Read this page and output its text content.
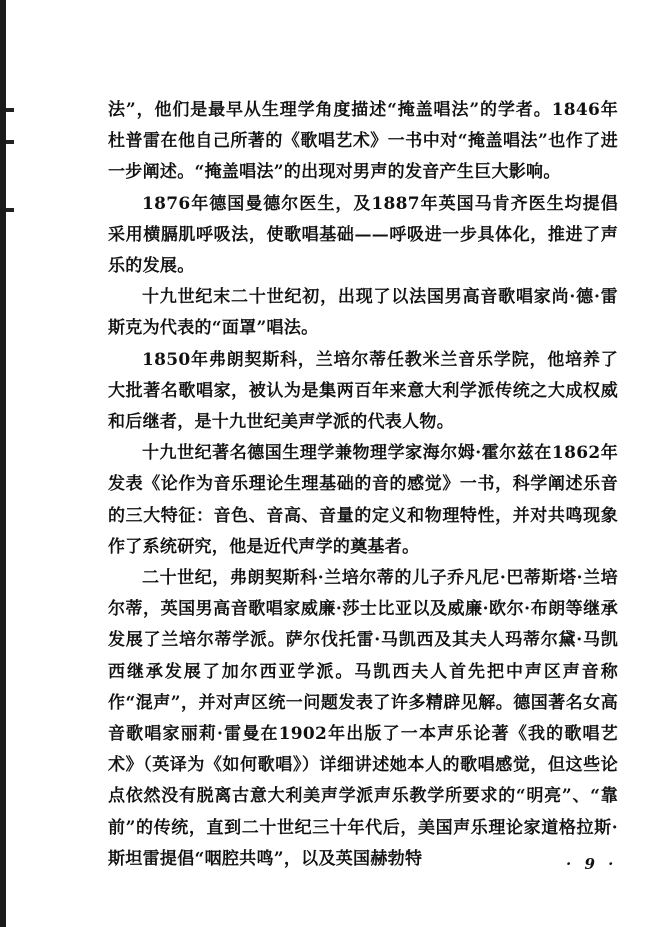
法”，他们是最早从生理学角度描述“掩盖唱法”的学者。1846年杜普雷在他自己所著的《歌唱艺术》一书中对“掩盖唱法”也作了进一步阐述。“掩盖唱法”的出现对男声的发音产生巨大影响。

1876年德国曼德尔医生，及1887年英国马肯齐医生均提倡采用横膈肌呼吸法，使歌唱基础——呼吸进一步具体化，推进了声乐的发展。

十九世纪末二十世纪初，出现了以法国男高音歌唱家尚·德·雷斯克为代表的“面罩”唱法。

1850年弗朗契斯科，兰培尔蒂任教米兰音乐学院，他培养了大批著名歌唱家，被认为是集两百年来意大利学派传统之大成权威和后继者，是十九世纪美声学派的代表人物。

十九世纪著名德国生理学兼物理学家海尔姆·霍尔兹在1862年发表《论作为音乐理论生理基础的音的感觉》一书，科学阐述乐音的三大特征：音色、音高、音量的定义和物理特性，并对共鸣现象作了系统研究，他是近代声学的奠基者。

二十世纪，弗朗契斯科·兰培尔蒂的儿子乔凡尼·巴蒂斯塔·兰培尔蒂，英国男高音歌唱家威廉·莎士比亚以及威廉·欧尔·布朗等继承发展了兰培尔蒂学派。萨尔伐托雷·马凯西及其夫人玛蒂尔黛·马凯西继承发展了加尔西亚学派。马凯西夫人首先把中声区声音称作“混声”，并对声区统一问题发表了许多精辟见解。德国著名女高音歌唱家丽莉·雷曼在1902年出版了一本声乐论著《我的歌唱艺术》（英译为《如何歌唱》）详细讲述她本人的歌唱感觉，但这些论点依然没有脱离古意大利美声学派声乐教学所要求的“明亮”、“靠前”的传统，直到二十世纪三十年代后，美国声乐理论家道格拉斯·斯坦雷提倡“咽腔共鸣”，以及英国赫勃特	· 9 ·
